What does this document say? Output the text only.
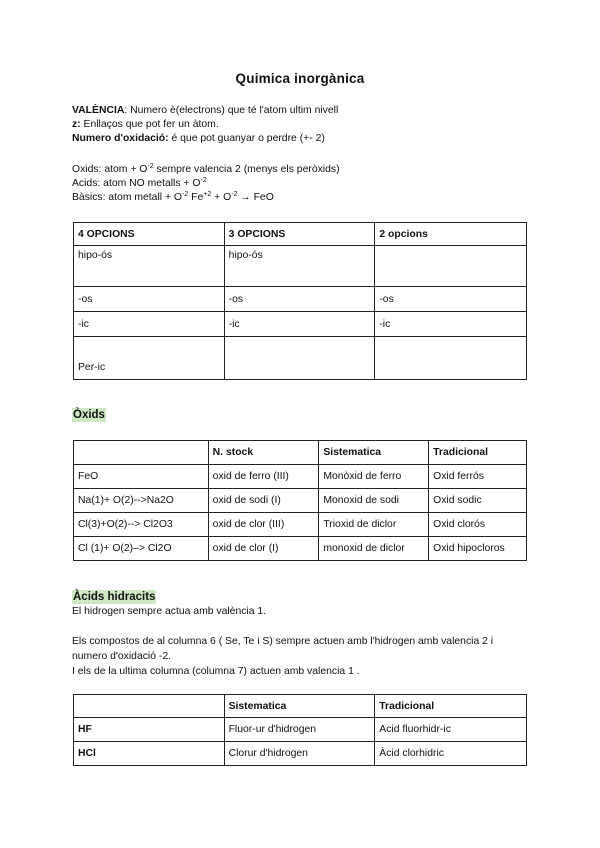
Quimica inorgànica
VALÈNCIA: Numero è(electrons) que té l'atom ultim nivell
z: Enllaços que pot fer un àtom.
Numero d'oxidació: é que pot guanyar o perdre (+- 2)
Oxids: atom + $O^{-2}$ sempre valencia 2 (menys els peròxids)
Acids: atom NO metalls + $O^{-2}$
Bàsics: atom metall + $O^{-2}$ $Fe^{+2} + O^{-2}$ → FeO
4 OPCIONS	3 OPCIONS	2 opcions
hipo-ós	hipo-ós	
-os	-os	-os
-ic	-ic	-ic
Per-ic		
Òxids
	N. stock	Sistematica	Tradicional
FeO	oxid de ferro (III)	Monòxid de ferro	Oxid ferrós
Na(1)+ O(2)-->Na2O	oxid de sodi (I)	Monoxid de sodi	Oxid sodic
Cl(3)+O(2)--> Cl2O3	oxid de clor (III)	Trioxid de diclor	Oxid clorós
Cl (1)+ O(2)–> Cl2O	oxid de clor (I)	monoxid de diclor	Oxid hipocloros
Àcids hidracits
El hidrogen sempre actua amb valència 1.
Els compostos de al columna 6 ( Se, Te i S) sempre actuen amb l'hidrogen amb valencia 2 i
numero d'oxidació -2.
I els de la ultima columna (columna 7) actuen amb valencia 1 .
	Sistematica	Tradicional
HF	Fluor-ur d'hidrogen	Acid fluorhidr-ic
HCl	Clorur d'hidrogen	Àcid clorhidric
